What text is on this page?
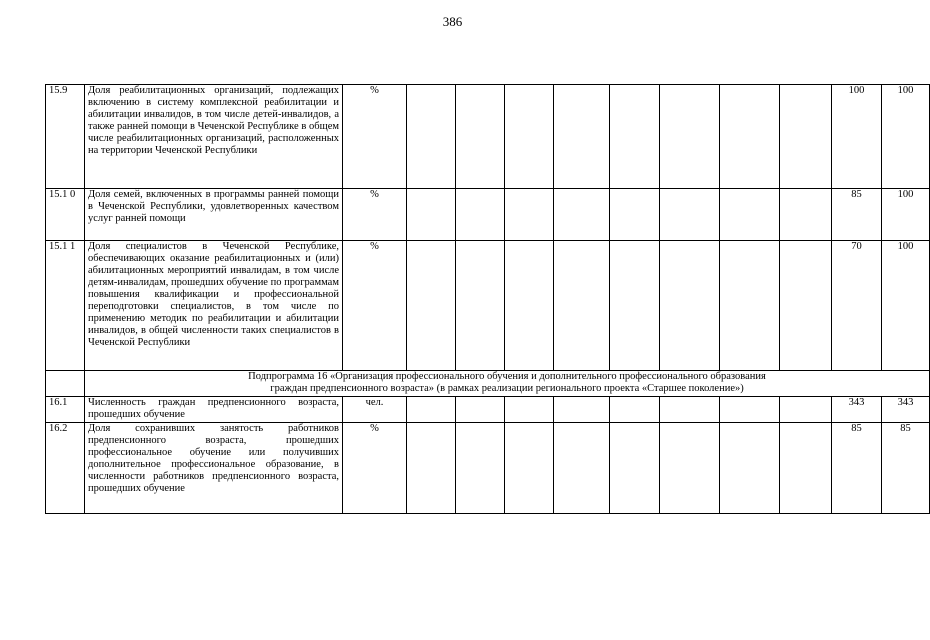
386
15.9	Доля реабилитационных организаций, подлежащих включению в систему комплексной реабилитации и абилитации инвалидов, в том числе детей-инвалидов, а также ранней помощи в Чеченской Республике в общем числе реабилитационных организаций, расположенных на территории Чеченской Республики	%									100	100
15.1 0	Доля семей, включенных в программы ранней помощи в Чеченской Республики, удовлетворенных качеством услуг ранней помощи	%									85	100
15.1 1	Доля специалистов в Чеченской Республике, обеспечивающих оказание реабилитационных и (или) абилитационных мероприятий инвалидам, в том числе детям-инвалидам, прошедших обучение по программам повышения квалификации и профессиональной переподготовки специалистов, в том числе по применению методик по реабилитации и абилитации инвалидов, в общей численности таких специалистов в Чеченской Республики	%									70	100

	Подпрограмма 16 «Организация профессионального обучения и дополнительного профессионального образования
граждан предпенсионного возраста» (в рамках реализации регионального проекта «Старшее поколение»)											

16.1	Численность граждан предпенсионного возраста, прошедших обучение	чел.									343	343
16.2	Доля сохранивших занятость работников предпенсионного возраста, прошедших профессиональное обучение или получивших дополнительное профессиональное образование, в численности работников предпенсионного возраста, прошедших обучение	%									85	85
